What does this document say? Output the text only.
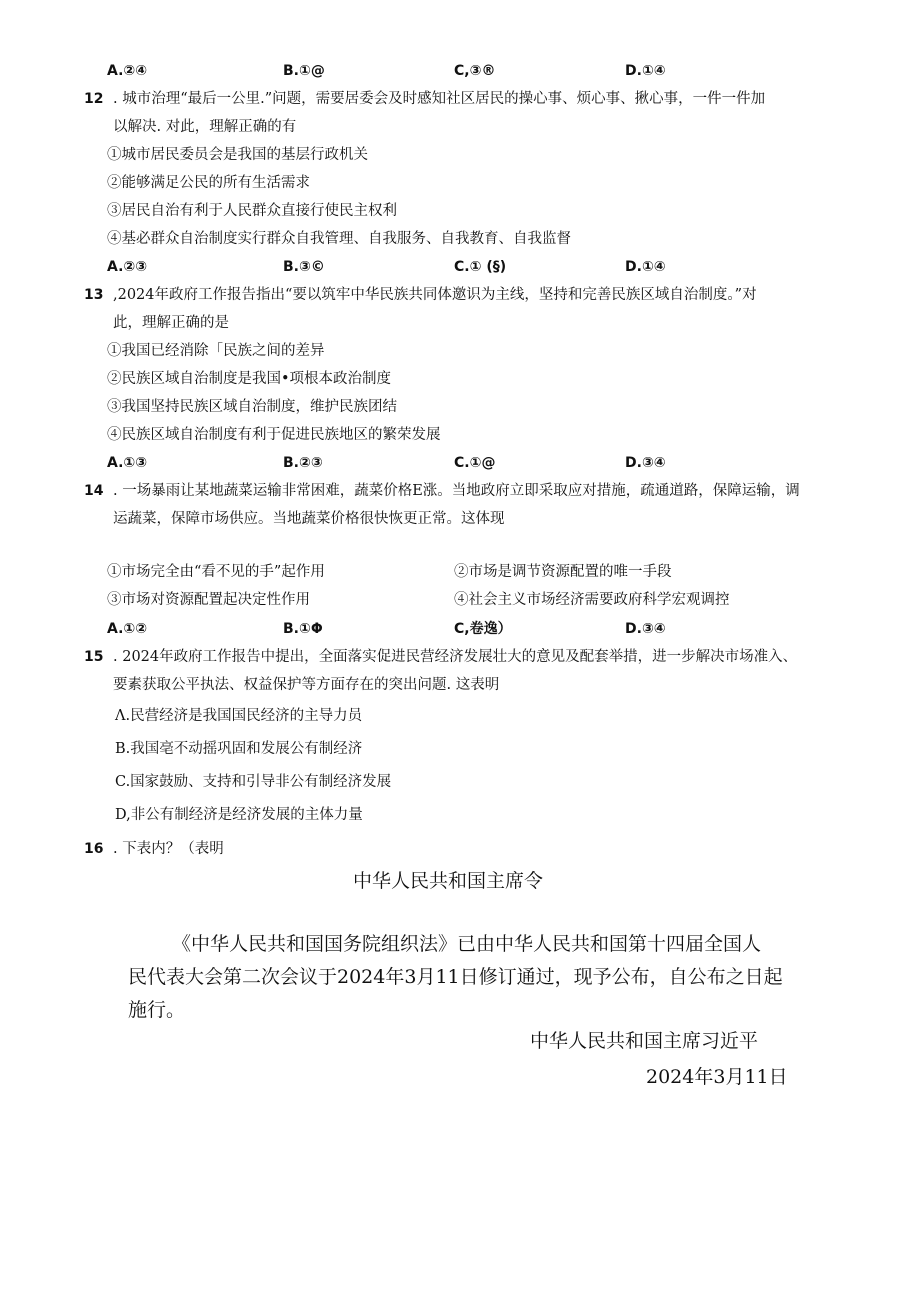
A.②④	B.①@	C,③®	D.①④
12 . 城市治理“最后一公里.”问题，需要居委会及时感知社区居民的操心事、烦心事、揪心事，一件一件加
以解决. 对此，理解正确的有
①城市居民委员会是我国的基层行政机关
②能够满足公民的所有生活需求
③居民自治有利于人民群众直接行使民主权利
④基必群众自治制度实行群众自我管理、自我服务、自我教育、自我监督
A.②③	B.③©	C.① (§)	D.①④
13 ,2024年政府工作报告指出“要以筑牢中华民族共同体邀识为主线，坚持和完善民族区域自治制度。”对
此，理解正确的是
①我国已经消除「民族之间的差异
②民族区域自治制度是我国•项根本政治制度
③我国坚持民族区域自治制度，维护民族团结
④民族区域自治制度有利于促进民族地区的繁荣发展
A.①③	B.②③	C.①@	D.③④
14 . 一场暴雨让某地蔬菜运输非常困难，蔬菜价格E涨。当地政府立即采取应对措施，疏通道路，保障运输，调
运蔬菜，保障市场供应。当地蔬菜价格很快恢更正常。这体现
①市场完全由“看不见的手”起作用	②市场是调节资源配置的唯一手段
③市场对资源配置起决定性作用	④社会主义市场经济需要政府科学宏观调控
A.①②	B.①Φ	C,卷逸）	D.③④
15 . 2024年政府工作报告中提出，全面落实促进民营经济发展壮大的意见及配套举措，进一步解决市场准入、
要素获取公平执法、权益保护等方面存在的突出问题. 这表明
Λ.民营经济是我国国民经济的主导力员
B.我国亳不动摇巩固和发展公有制经济
C.国家鼓励、支持和引导非公有制经济发展
D,非公有制经济是经济发展的主体力量
16 . 下表内？（表明
中华人民共和国主席令
《中华人民共和国国务院组织法》已由中华人民共和国第十四届全国人
民代表大会第二次会议于2024年3月11日修订通过，现予公布，自公布之日起
施行。
中华人民共和国主席习近平
2024年3月11日
